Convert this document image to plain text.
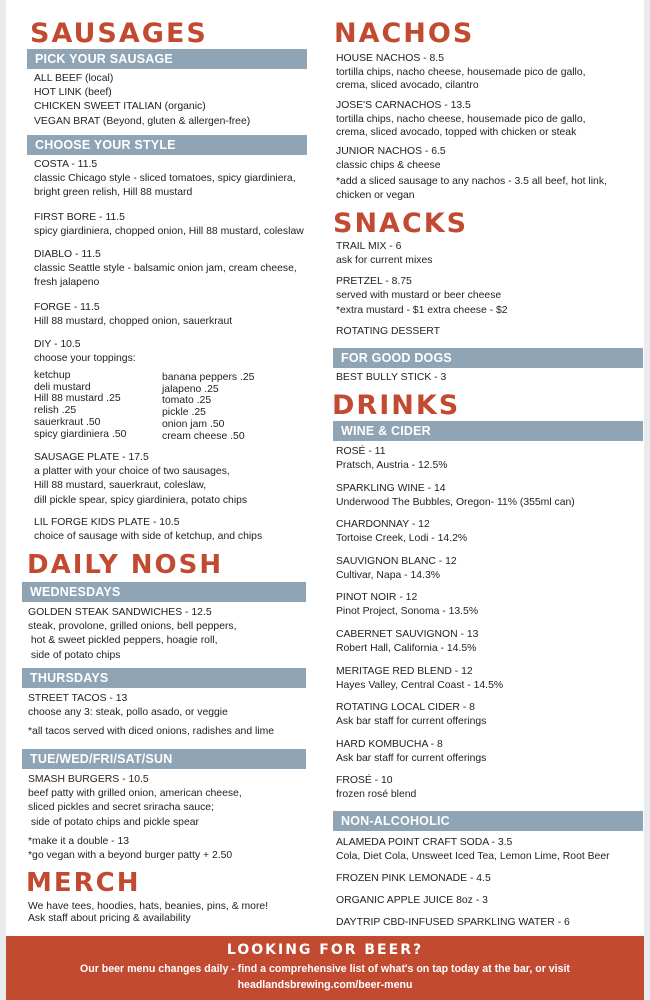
SAUSAGES
PICK YOUR SAUSAGE
ALL BEEF (local)
HOT LINK (beef)
CHICKEN SWEET ITALIAN (organic)
VEGAN BRAT (Beyond, gluten & allergen-free)
CHOOSE YOUR STYLE
COSTA - 11.5
classic Chicago style - sliced tomatoes, spicy giardiniera,
bright green relish, Hill 88 mustard
FIRST BORE - 11.5
spicy giardiniera, chopped onion, Hill 88 mustard, coleslaw
DIABLO - 11.5
classic Seattle style - balsamic onion jam, cream cheese,
fresh jalapeno
FORGE - 11.5
Hill 88 mustard, chopped onion, sauerkraut
DIY - 10.5
choose your toppings:
ketchup
deli mustard
Hill 88 mustard .25
relish .25
sauerkraut .50
spicy giardiniera .50
banana peppers .25
jalapeno .25
tomato .25
pickle .25
onion jam .50
cream cheese .50
SAUSAGE PLATE - 17.5
a platter with your choice of two sausages,
Hill 88 mustard, sauerkraut, coleslaw,
dill pickle spear, spicy giardiniera, potato chips
LIL FORGE KIDS PLATE - 10.5
choice of sausage with side of ketchup, and chips
DAILY NOSH
WEDNESDAYS
GOLDEN STEAK SANDWICHES - 12.5
steak, provolone, grilled onions, bell peppers,
hot & sweet pickled peppers, hoagie roll,
side of potato chips
THURSDAYS
STREET TACOS - 13
choose any 3: steak, pollo asado, or veggie
*all tacos served with diced onions, radishes and lime
TUE/WED/FRI/SAT/SUN
SMASH BURGERS - 10.5
beef patty with grilled onion, american cheese,
sliced pickles and secret sriracha sauce;
side of potato chips and pickle spear
*make it a double - 13
*go vegan with a beyond burger patty + 2.50
MERCH
We have tees, hoodies, hats, beanies, pins, & more!
Ask staff about pricing & availability
NACHOS
HOUSE NACHOS - 8.5
tortilla chips, nacho cheese, housemade pico de gallo,
crema, sliced avocado, cilantro
JOSE'S CARNACHOS - 13.5
tortilla chips, nacho cheese, housemade pico de gallo,
crema, sliced avocado, topped with chicken or steak
JUNIOR NACHOS - 6.5
classic chips & cheese
*add a sliced sausage to any nachos - 3.5 all beef, hot link,
chicken or vegan
SNACKS
TRAIL MIX - 6
ask for current mixes
PRETZEL - 8.75
served with mustard or beer cheese
*extra mustard - $1 extra cheese - $2
ROTATING DESSERT
FOR GOOD DOGS
BEST BULLY STICK - 3
DRINKS
WINE & CIDER
ROSÉ - 11
Pratsch, Austria - 12.5%
SPARKLING WINE - 14
Underwood The Bubbles, Oregon- 11% (355ml can)
CHARDONNAY - 12
Tortoise Creek, Lodi - 14.2%
SAUVIGNON BLANC - 12
Cultivar, Napa - 14.3%
PINOT NOIR - 12
Pinot Project, Sonoma - 13.5%
CABERNET SAUVIGNON - 13
Robert Hall, California - 14.5%
MERITAGE RED BLEND - 12
Hayes Valley, Central Coast - 14.5%
ROTATING LOCAL CIDER - 8
Ask bar staff for current offerings
HARD KOMBUCHA - 8
Ask bar staff for current offerings
FROSÉ - 10
frozen rosé blend
NON-ALCOHOLIC
ALAMEDA POINT CRAFT SODA - 3.5
Cola, Diet Cola, Unsweet Iced Tea, Lemon Lime, Root Beer
FROZEN PINK LEMONADE - 4.5
ORGANIC APPLE JUICE 8oz - 3
DAYTRIP CBD-INFUSED SPARKLING WATER - 6
LOOKING FOR BEER?
Our beer menu changes daily - find a comprehensive list of what's on tap today at the bar, or visit
headlandsbrewing.com/beer-menu
